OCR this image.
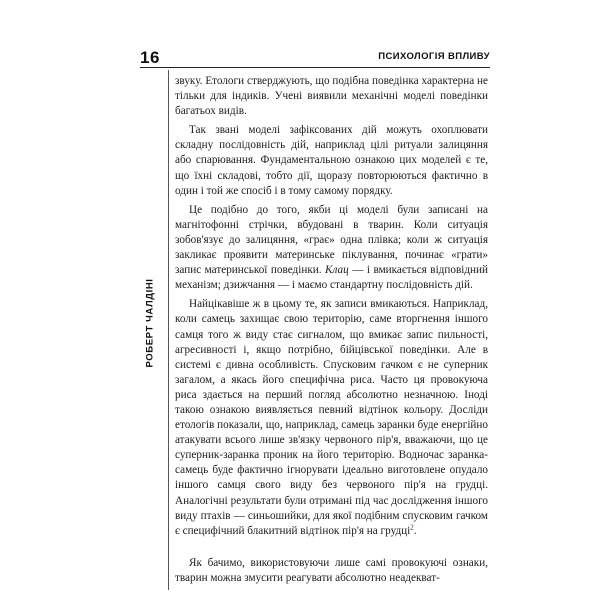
16	ПСИХОЛОГІЯ ВПЛИВУ
РОБЕРТ ЧАЛДІНІ

звуку. Етологи стверджують, що подібна поведінка характерна не тільки для індиків. Учені виявили механічні моделі поведінки багатьох видів.

Так звані моделі зафіксованих дій можуть охоплювати складну послідовність дій, наприклад цілі ритуали залицяння або спарювання. Фундаментальною ознакою цих моделей є те, що їхні складові, тобто дії, щоразу повторюються фактично в один і той же спосіб і в тому самому порядку.

Це подібно до того, якби ці моделі були записані на магнітофонні стрічки, вбудовані в тварин. Коли ситуація зобов'язує до залицяння, «грає» одна плівка; коли ж ситуація закликає проявити материнське піклування, починає «грати» запис материнської поведінки. Клац — і вмикається відповідний механізм; дзижчання — і маємо стандартну послідовність дій.

Найцікавіше ж в цьому те, як записи вмикаються. Наприклад, коли самець захищає свою територію, саме вторгнення іншого самця того ж виду стає сигналом, що вмикає запис пильності, агресивності і, якщо потрібно, бійцівської поведінки. Але в системі є дивна особливість. Спусковим гачком є не суперник загалом, а якась його специфічна риса. Часто ця провокуюча риса здається на перший погляд абсолютно незначною. Іноді такою ознакою виявляється певний відтінок кольору. Досліди етологів показали, що, наприклад, самець заранки буде енергійно атакувати всього лише зв'язку червоного пір'я, вважаючи, що це суперник-заранка проник на його територію. Водночас заранка-самець буде фактично ігнорувати ідеально виготовлене опудало іншого самця свого виду без червоного пір'я на грудці. Аналогічні результати були отримані під час дослідження іншого виду птахів — синьошийки, для якої подібним спусковим гачком є специфічний блакитний відтінок пір'я на грудці$^2$.

Як бачимо, використовуючи лише самі провокуючі ознаки, тварин можна змусити реагувати абсолютно неадекват-
